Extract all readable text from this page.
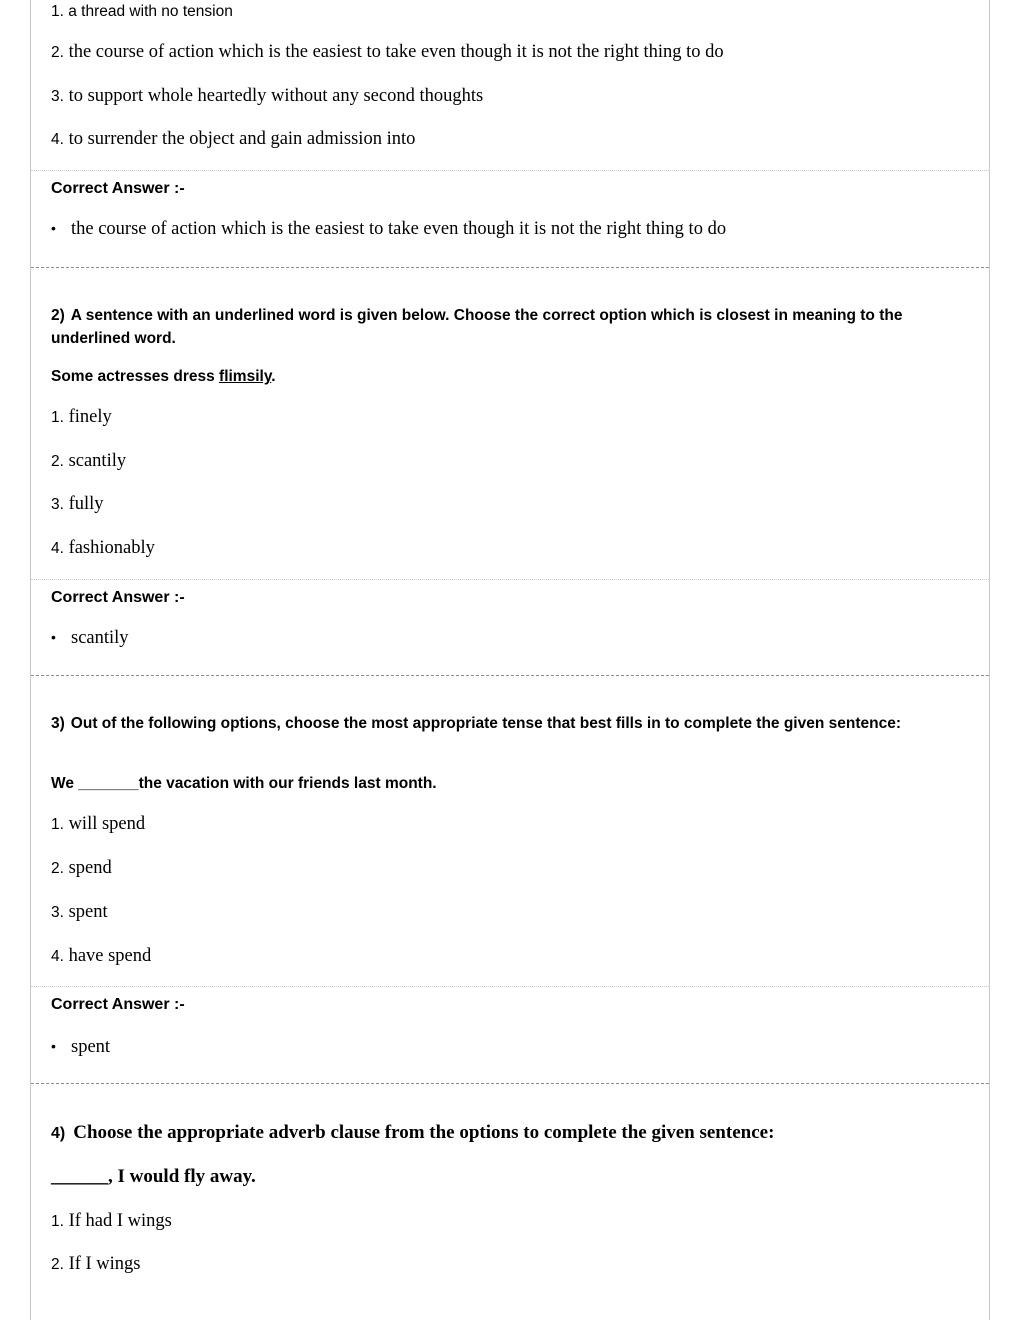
1. a thread with no tension
2. the course of action which is the easiest to take even though it is not the right thing to do
3. to support whole heartedly without any second thoughts
4. to surrender the object and gain admission into
Correct Answer :-
• the course of action which is the easiest to take even though it is not the right thing to do
2) A sentence with an underlined word is given below. Choose the correct option which is closest in meaning to the underlined word.
Some actresses dress flimsily.
1. finely
2. scantily
3. fully
4. fashionably
Correct Answer :-
• scantily
3) Out of the following options, choose the most appropriate tense that best fills in to complete the given sentence:
We _______the vacation with our friends last month.
1. will spend
2. spend
3. spent
4. have spend
Correct Answer :-
• spent
4) Choose the appropriate adverb clause from the options to complete the given sentence:
______, I would fly away.
1. If had I wings
2. If I wings
